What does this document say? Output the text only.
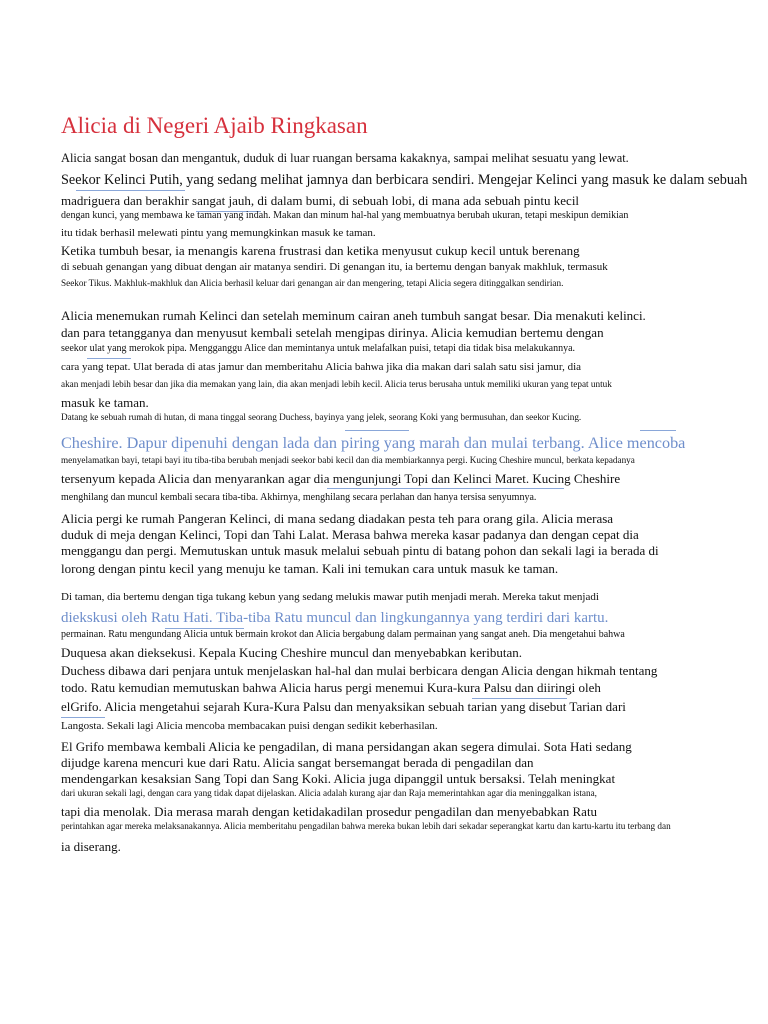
Alicia di Negeri Ajaib Ringkasan

Alicia sangat bosan dan mengantuk, duduk di luar ruangan bersama kakaknya, sampai melihat sesuatu yang lewat.

Seekor Kelinci Putih, yang sedang melihat jamnya dan berbicara sendiri. Mengejar Kelinci yang masuk ke dalam sebuah

madriguera dan berakhir sangat jauh, di dalam bumi, di sebuah lobi, di mana ada sebuah pintu kecil

dengan kunci, yang membawa ke taman yang indah. Makan dan minum hal-hal yang membuatnya berubah ukuran, tetapi meskipun demikian

itu tidak berhasil melewati pintu yang memungkinkan masuk ke taman.

Ketika tumbuh besar, ia menangis karena frustrasi dan ketika menyusut cukup kecil untuk berenang

di sebuah genangan yang dibuat dengan air matanya sendiri. Di genangan itu, ia bertemu dengan banyak makhluk, termasuk

Seekor Tikus. Makhluk-makhluk dan Alicia berhasil keluar dari genangan air dan mengering, tetapi Alicia segera ditinggalkan sendirian.

Alicia menemukan rumah Kelinci dan setelah meminum cairan aneh tumbuh sangat besar. Dia menakuti kelinci.

dan para tetangganya dan menyusut kembali setelah mengipas dirinya. Alicia kemudian bertemu dengan

seekor ulat yang merokok pipa. Mengganggu Alice dan memintanya untuk melafalkan puisi, tetapi dia tidak bisa melakukannya.

cara yang tepat. Ulat berada di atas jamur dan memberitahu Alicia bahwa jika dia makan dari salah satu sisi jamur, dia

akan menjadi lebih besar dan jika dia memakan yang lain, dia akan menjadi lebih kecil. Alicia terus berusaha untuk memiliki ukuran yang tepat untuk

masuk ke taman.

Datang ke sebuah rumah di hutan, di mana tinggal seorang Duchess, bayinya yang jelek, seorang Koki yang bermusuhan, dan seekor Kucing.

Cheshire. Dapur dipenuhi dengan lada dan piring yang marah dan mulai terbang. Alice mencoba

menyelamatkan bayi, tetapi bayi itu tiba-tiba berubah menjadi seekor babi kecil dan dia membiarkannya pergi. Kucing Cheshire muncul, berkata kepadanya

tersenyum kepada Alicia dan menyarankan agar dia mengunjungi Topi dan Kelinci Maret. Kucing Cheshire

menghilang dan muncul kembali secara tiba-tiba. Akhirnya, menghilang secara perlahan dan hanya tersisa senyumnya.

Alicia pergi ke rumah Pangeran Kelinci, di mana sedang diadakan pesta teh para orang gila. Alicia merasa

duduk di meja dengan Kelinci, Topi dan Tahi Lalat. Merasa bahwa mereka kasar padanya dan dengan cepat dia

menggangu dan pergi. Memutuskan untuk masuk melalui sebuah pintu di batang pohon dan sekali lagi ia berada di

lorong dengan pintu kecil yang menuju ke taman. Kali ini temukan cara untuk masuk ke taman.

Di taman, dia bertemu dengan tiga tukang kebun yang sedang melukis mawar putih menjadi merah. Mereka takut menjadi

diekskusi oleh Ratu Hati. Tiba-tiba Ratu muncul dan lingkungannya yang terdiri dari kartu.

permainan. Ratu mengundang Alicia untuk bermain krokot dan Alicia bergabung dalam permainan yang sangat aneh. Dia mengetahui bahwa

Duquesa akan dieksekusi. Kepala Kucing Cheshire muncul dan menyebabkan keributan.

Duchess dibawa dari penjara untuk menjelaskan hal-hal dan mulai berbicara dengan Alicia dengan hikmah tentang

todo. Ratu kemudian memutuskan bahwa Alicia harus pergi menemui Kura-kura Palsu dan diiringi oleh

elGrifo. Alicia mengetahui sejarah Kura-Kura Palsu dan menyaksikan sebuah tarian yang disebut Tarian dari

Langosta. Sekali lagi Alicia mencoba membacakan puisi dengan sedikit keberhasilan.

El Grifo membawa kembali Alicia ke pengadilan, di mana persidangan akan segera dimulai. Sota Hati sedang

dijudge karena mencuri kue dari Ratu. Alicia sangat bersemangat berada di pengadilan dan

mendengarkan kesaksian Sang Topi dan Sang Koki. Alicia juga dipanggil untuk bersaksi. Telah meningkat

dari ukuran sekali lagi, dengan cara yang tidak dapat dijelaskan. Alicia adalah kurang ajar dan Raja memerintahkan agar dia meninggalkan istana,

tapi dia menolak. Dia merasa marah dengan ketidakadilan prosedur pengadilan dan menyebabkan Ratu

perintahkan agar mereka melaksanakannya. Alicia memberitahu pengadilan bahwa mereka bukan lebih dari sekadar seperangkat kartu dan kartu-kartu itu terbang dan

ia diserang.
